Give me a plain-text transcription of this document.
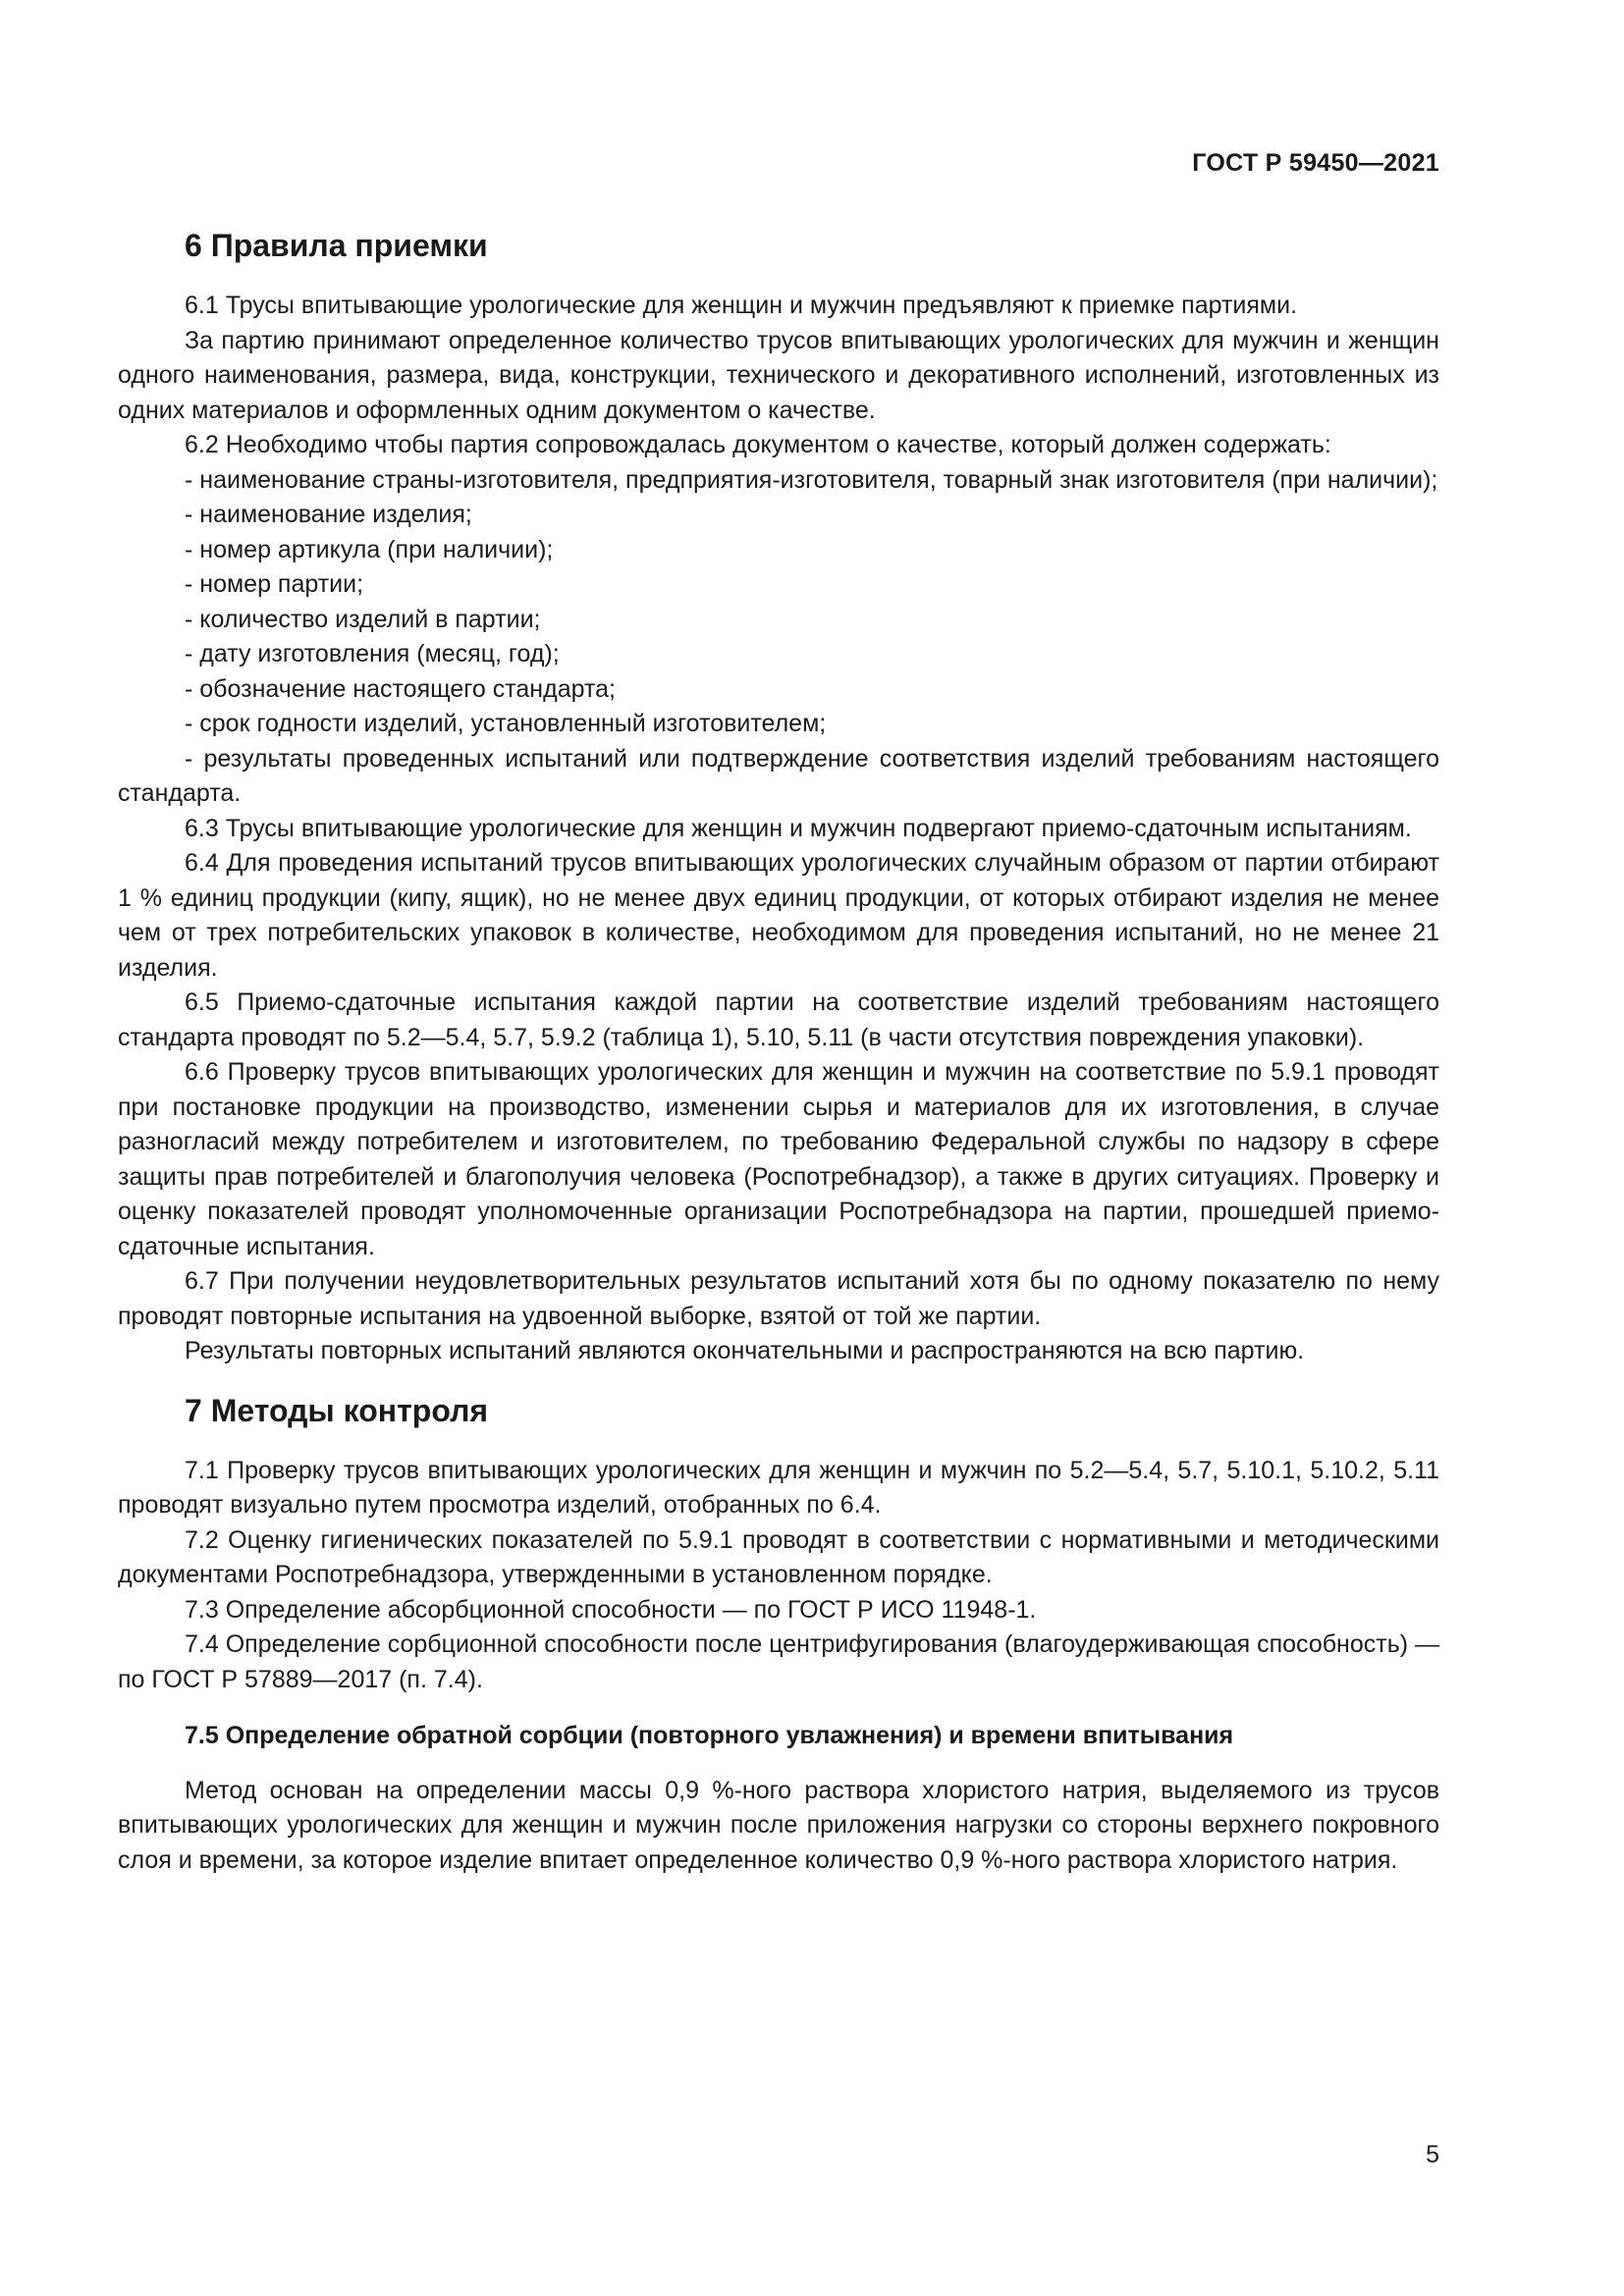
ГОСТ Р 59450—2021
6 Правила приемки

6.1 Трусы впитывающие урологические для женщин и мужчин предъявляют к приемке партиями.

За партию принимают определенное количество трусов впитывающих урологических для мужчин и женщин одного наименования, размера, вида, конструкции, технического и декоративного исполнений, изготовленных из одних материалов и оформленных одним документом о качестве.

6.2 Необходимо чтобы партия сопровождалась документом о качестве, который должен содержать:

- наименование страны-изготовителя, предприятия-изготовителя, товарный знак изготовителя (при наличии);

- наименование изделия;
- номер артикула (при наличии);
- номер партии;
- количество изделий в партии;
- дату изготовления (месяц, год);
- обозначение настоящего стандарта;
- срок годности изделий, установленный изготовителем;

- результаты проведенных испытаний или подтверждение соответствия изделий требованиям настоящего стандарта.

6.3 Трусы впитывающие урологические для женщин и мужчин подвергают приемо-сдаточным испытаниям.

6.4 Для проведения испытаний трусов впитывающих урологических случайным образом от партии отбирают 1 % единиц продукции (кипу, ящик), но не менее двух единиц продукции, от которых отбирают изделия не менее чем от трех потребительских упаковок в количестве, необходимом для проведения испытаний, но не менее 21 изделия.

6.5 Приемо-сдаточные испытания каждой партии на соответствие изделий требованиям настоящего стандарта проводят по 5.2—5.4, 5.7, 5.9.2 (таблица 1), 5.10, 5.11 (в части отсутствия повреждения упаковки).

6.6 Проверку трусов впитывающих урологических для женщин и мужчин на соответствие по 5.9.1 проводят при постановке продукции на производство, изменении сырья и материалов для их изготовления, в случае разногласий между потребителем и изготовителем, по требованию Федеральной службы по надзору в сфере защиты прав потребителей и благополучия человека (Роспотребнадзор), а также в других ситуациях. Проверку и оценку показателей проводят уполномоченные организации Роспотребнадзора на партии, прошедшей приемо-сдаточные испытания.

6.7 При получении неудовлетворительных результатов испытаний хотя бы по одному показателю по нему проводят повторные испытания на удвоенной выборке, взятой от той же партии.

Результаты повторных испытаний являются окончательными и распространяются на всю партию.

7 Методы контроля

7.1 Проверку трусов впитывающих урологических для женщин и мужчин по 5.2—5.4, 5.7, 5.10.1, 5.10.2, 5.11 проводят визуально путем просмотра изделий, отобранных по 6.4.

7.2 Оценку гигиенических показателей по 5.9.1 проводят в соответствии с нормативными и методическими документами Роспотребнадзора, утвержденными в установленном порядке.

7.3 Определение абсорбционной способности — по ГОСТ Р ИСО 11948-1.

7.4 Определение сорбционной способности после центрифугирования (влагоудерживающая способность) — по ГОСТ Р 57889—2017 (п. 7.4).

7.5 Определение обратной сорбции (повторного увлажнения) и времени впитывания

Метод основан на определении массы 0,9 %-ного раствора хлористого натрия, выделяемого из трусов впитывающих урологических для женщин и мужчин после приложения нагрузки со стороны верхнего покровного слоя и времени, за которое изделие впитает определенное количество 0,9 %-ного раствора хлористого натрия.

5
